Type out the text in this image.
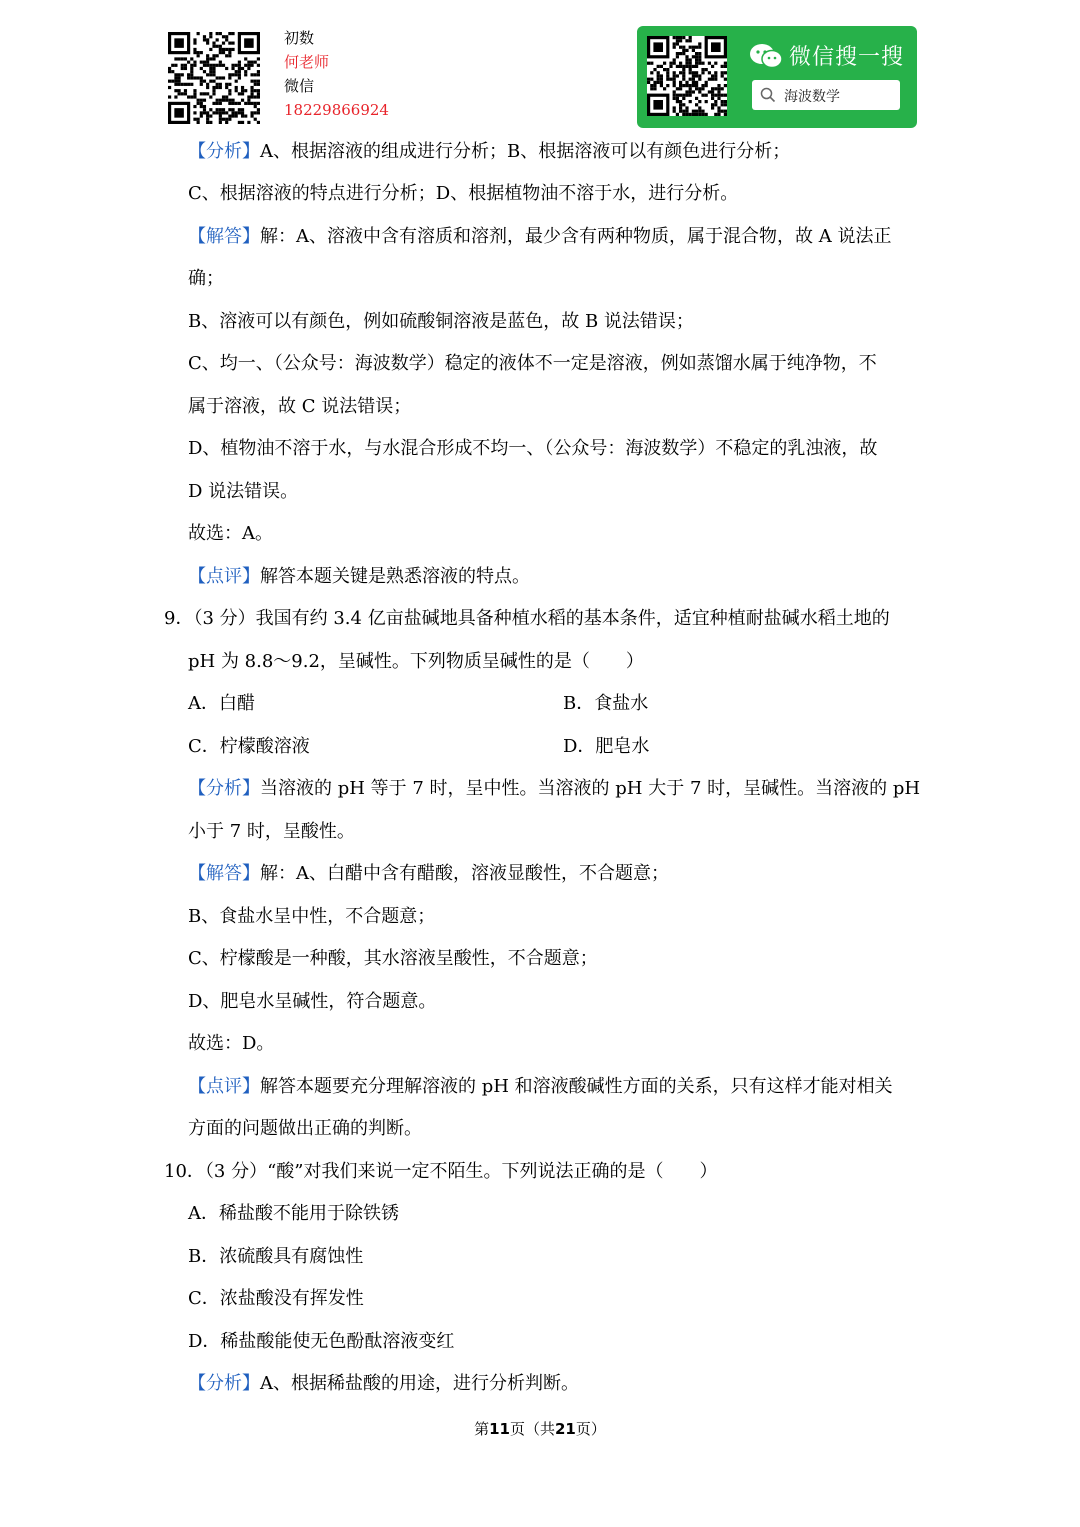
初数
何老师
微信
18229866924
微信搜一搜
海波数学
【分析】A、根据溶液的组成进行分析；B、根据溶液可以有颜色进行分析；
C、根据溶液的特点进行分析；D、根据植物油不溶于水，进行分析。
【解答】解：A、溶液中含有溶质和溶剂，最少含有两种物质，属于混合物，故 A 说法正
确；
B、溶液可以有颜色，例如硫酸铜溶液是蓝色，故 B 说法错误；
C、均一、（公众号：海波数学）稳定的液体不一定是溶液，例如蒸馏水属于纯净物，不
属于溶液，故 C 说法错误；
D、植物油不溶于水，与水混合形成不均一、（公众号：海波数学）不稳定的乳浊液，故
D 说法错误。
故选：A。
【点评】解答本题关键是熟悉溶液的特点。
9．（3 分）我国有约 3.4 亿亩盐碱地具备种植水稻的基本条件，适宜种植耐盐碱水稻土地的
pH 为 8.8～9.2，呈碱性。下列物质呈碱性的是（　　）
A．白醋	B．食盐水
C．柠檬酸溶液	D．肥皂水
【分析】当溶液的 pH 等于 7 时，呈中性。当溶液的 pH 大于 7 时，呈碱性。当溶液的 pH
小于 7 时，呈酸性。
【解答】解：A、白醋中含有醋酸，溶液显酸性，不合题意；
B、食盐水呈中性，不合题意；
C、柠檬酸是一种酸，其水溶液呈酸性，不合题意；
D、肥皂水呈碱性，符合题意。
故选：D。
【点评】解答本题要充分理解溶液的 pH 和溶液酸碱性方面的关系，只有这样才能对相关
方面的问题做出正确的判断。
10．（3 分）“酸”对我们来说一定不陌生。下列说法正确的是（　　）
A．稀盐酸不能用于除铁锈
B．浓硫酸具有腐蚀性
C．浓盐酸没有挥发性
D．稀盐酸能使无色酚酞溶液变红
【分析】A、根据稀盐酸的用途，进行分析判断。
第11页（共21页）
